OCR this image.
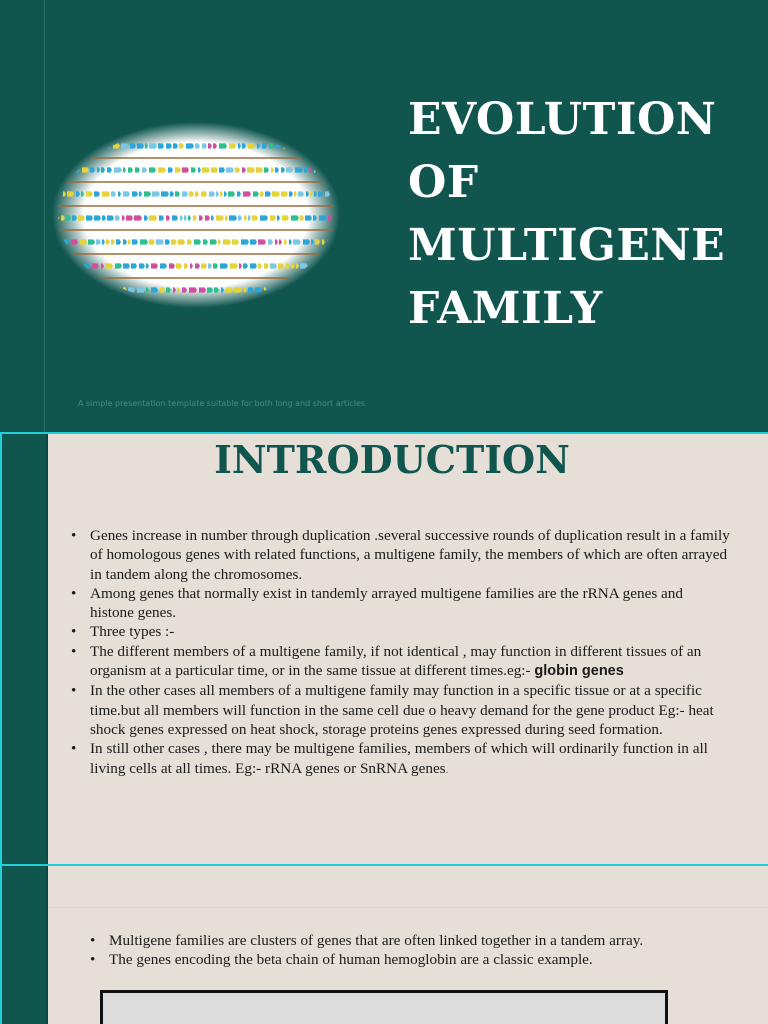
EVOLUTION
OF
MULTIGENE
FAMILY
A simple presentation template suitable for both long and short articles
INTRODUCTION
• Genes increase in number through duplication .several successive rounds of duplication result in a family of homologous genes with related functions, a multigene family, the members of which are often arrayed in tandem along the chromosomes.
• Among genes that normally exist in tandemly arrayed multigene families are the rRNA genes and histone genes.
• Three types :-
• The different members of a multigene family, if not identical , may function in different tissues of an organism at a particular time, or in the same tissue at different times.eg:- globin genes
• In the other cases all members of a multigene family may function in a specific tissue or at a specific time.but all members will function in the same cell due o heavy demand for the gene product Eg:- heat shock genes expressed on heat shock, storage proteins genes expressed during seed formation.
• In still other cases , there may be multigene families, members of which will ordinarily function in all living cells at all times. Eg:- rRNA genes or SnRNA genes.
• Multigene families are clusters of genes that are often linked together in a tandem array.
• The genes encoding the beta chain of human hemoglobin are a classic example.
